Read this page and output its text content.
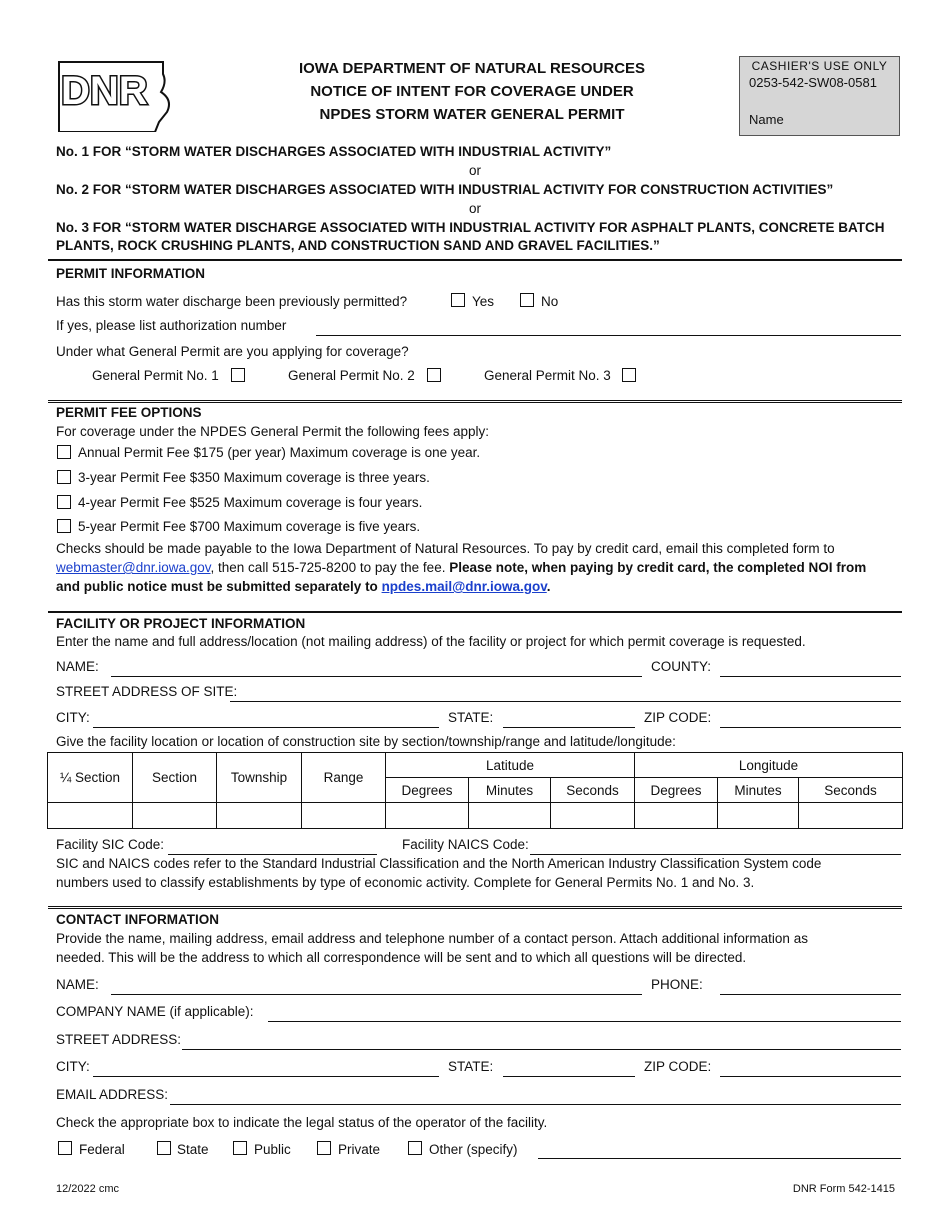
DNR
IOWA DEPARTMENT OF NATURAL RESOURCES
NOTICE OF INTENT FOR COVERAGE UNDER
NPDES STORM WATER GENERAL PERMIT
CASHIER'S USE ONLY
0253-542-SW08-0581
Name
No. 1 FOR “STORM WATER DISCHARGES ASSOCIATED WITH INDUSTRIAL ACTIVITY”
or
No. 2 FOR “STORM WATER DISCHARGES ASSOCIATED WITH INDUSTRIAL ACTIVITY FOR CONSTRUCTION ACTIVITIES”
or
No. 3 FOR “STORM WATER DISCHARGE ASSOCIATED WITH INDUSTRIAL ACTIVITY FOR ASPHALT PLANTS, CONCRETE BATCH
PLANTS, ROCK CRUSHING PLANTS, AND CONSTRUCTION SAND AND GRAVEL FACILITIES.”
PERMIT INFORMATION
Has this storm water discharge been previously permitted?	Yes	No
If yes, please list authorization number
Under what General Permit are you applying for coverage?
General Permit No. 1	General Permit No. 2	General Permit No. 3
PERMIT FEE OPTIONS
For coverage under the NPDES General Permit the following fees apply:
Annual Permit Fee $175 (per year) Maximum coverage is one year.
3-year Permit Fee $350 Maximum coverage is three years.
4-year Permit Fee $525 Maximum coverage is four years.
5-year Permit Fee $700 Maximum coverage is five years.
Checks should be made payable to the Iowa Department of Natural Resources. To pay by credit card, email this completed form to
webmaster@dnr.iowa.gov, then call 515-725-8200 to pay the fee. Please note, when paying by credit card, the completed NOI from
and public notice must be submitted separately to npdes.mail@dnr.iowa.gov.
FACILITY OR PROJECT INFORMATION
Enter the name and full address/location (not mailing address) of the facility or project for which permit coverage is requested.
NAME:	COUNTY:
STREET ADDRESS OF SITE:
CITY:	STATE:	ZIP CODE:
Give the facility location or location of construction site by section/township/range and latitude/longitude:
¼ Section	Section	Township	Range	Latitude			Longitude		
				Degrees	Minutes	Seconds	Degrees	Minutes	Seconds

Facility SIC Code:	Facility NAICS Code:
SIC and NAICS codes refer to the Standard Industrial Classification and the North American Industry Classification System code
numbers used to classify establishments by type of economic activity. Complete for General Permits No. 1 and No. 3.
CONTACT INFORMATION
Provide the name, mailing address, email address and telephone number of a contact person. Attach additional information as
needed. This will be the address to which all correspondence will be sent and to which all questions will be directed.
NAME:	PHONE:
COMPANY NAME (if applicable):
STREET ADDRESS:
CITY:	STATE:	ZIP CODE:
EMAIL ADDRESS:
Check the appropriate box to indicate the legal status of the operator of the facility.
Federal	State	Public	Private	Other (specify)
12/2022 cmc	DNR Form 542-1415
